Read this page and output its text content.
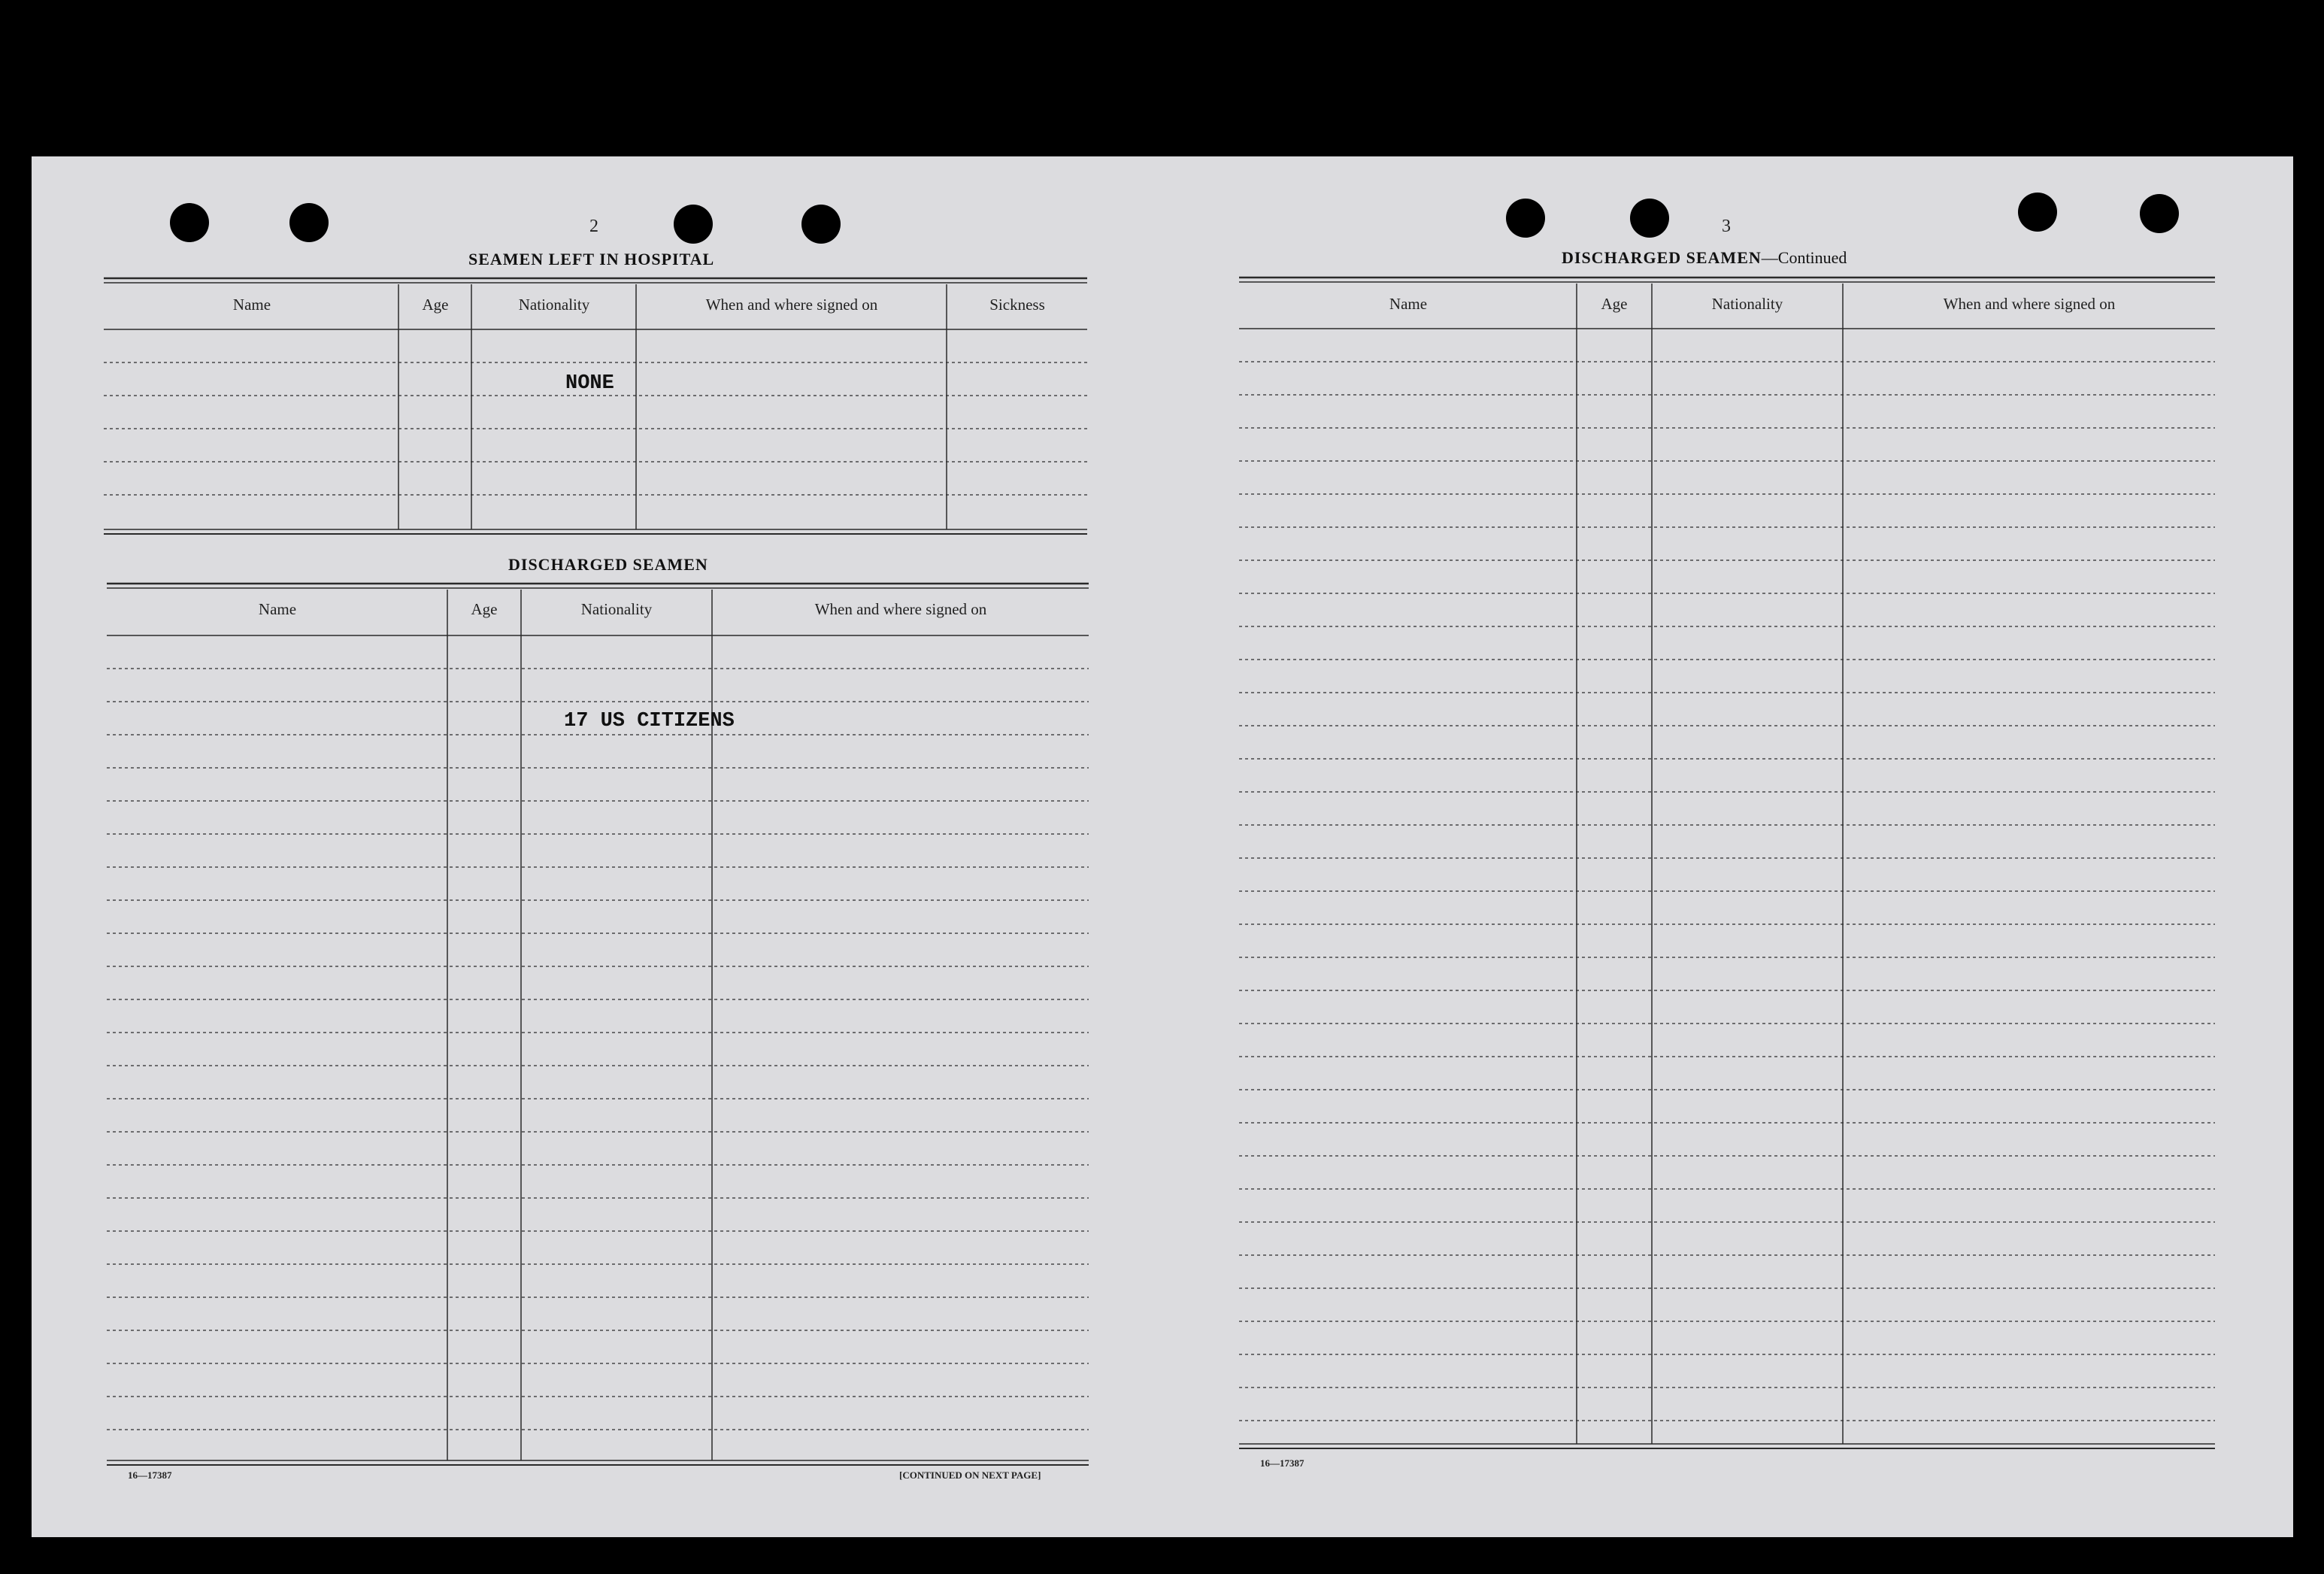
2
SEAMEN LEFT IN HOSPITAL
Name	Age	Nationality	When and where signed on	Sickness
NONE
DISCHARGED SEAMEN
Name	Age	Nationality	When and where signed on
17 US CITIZENS
16—17387	[CONTINUED ON NEXT PAGE]
3
DISCHARGED SEAMEN—Continued
Name	Age	Nationality	When and where signed on
16—17387
